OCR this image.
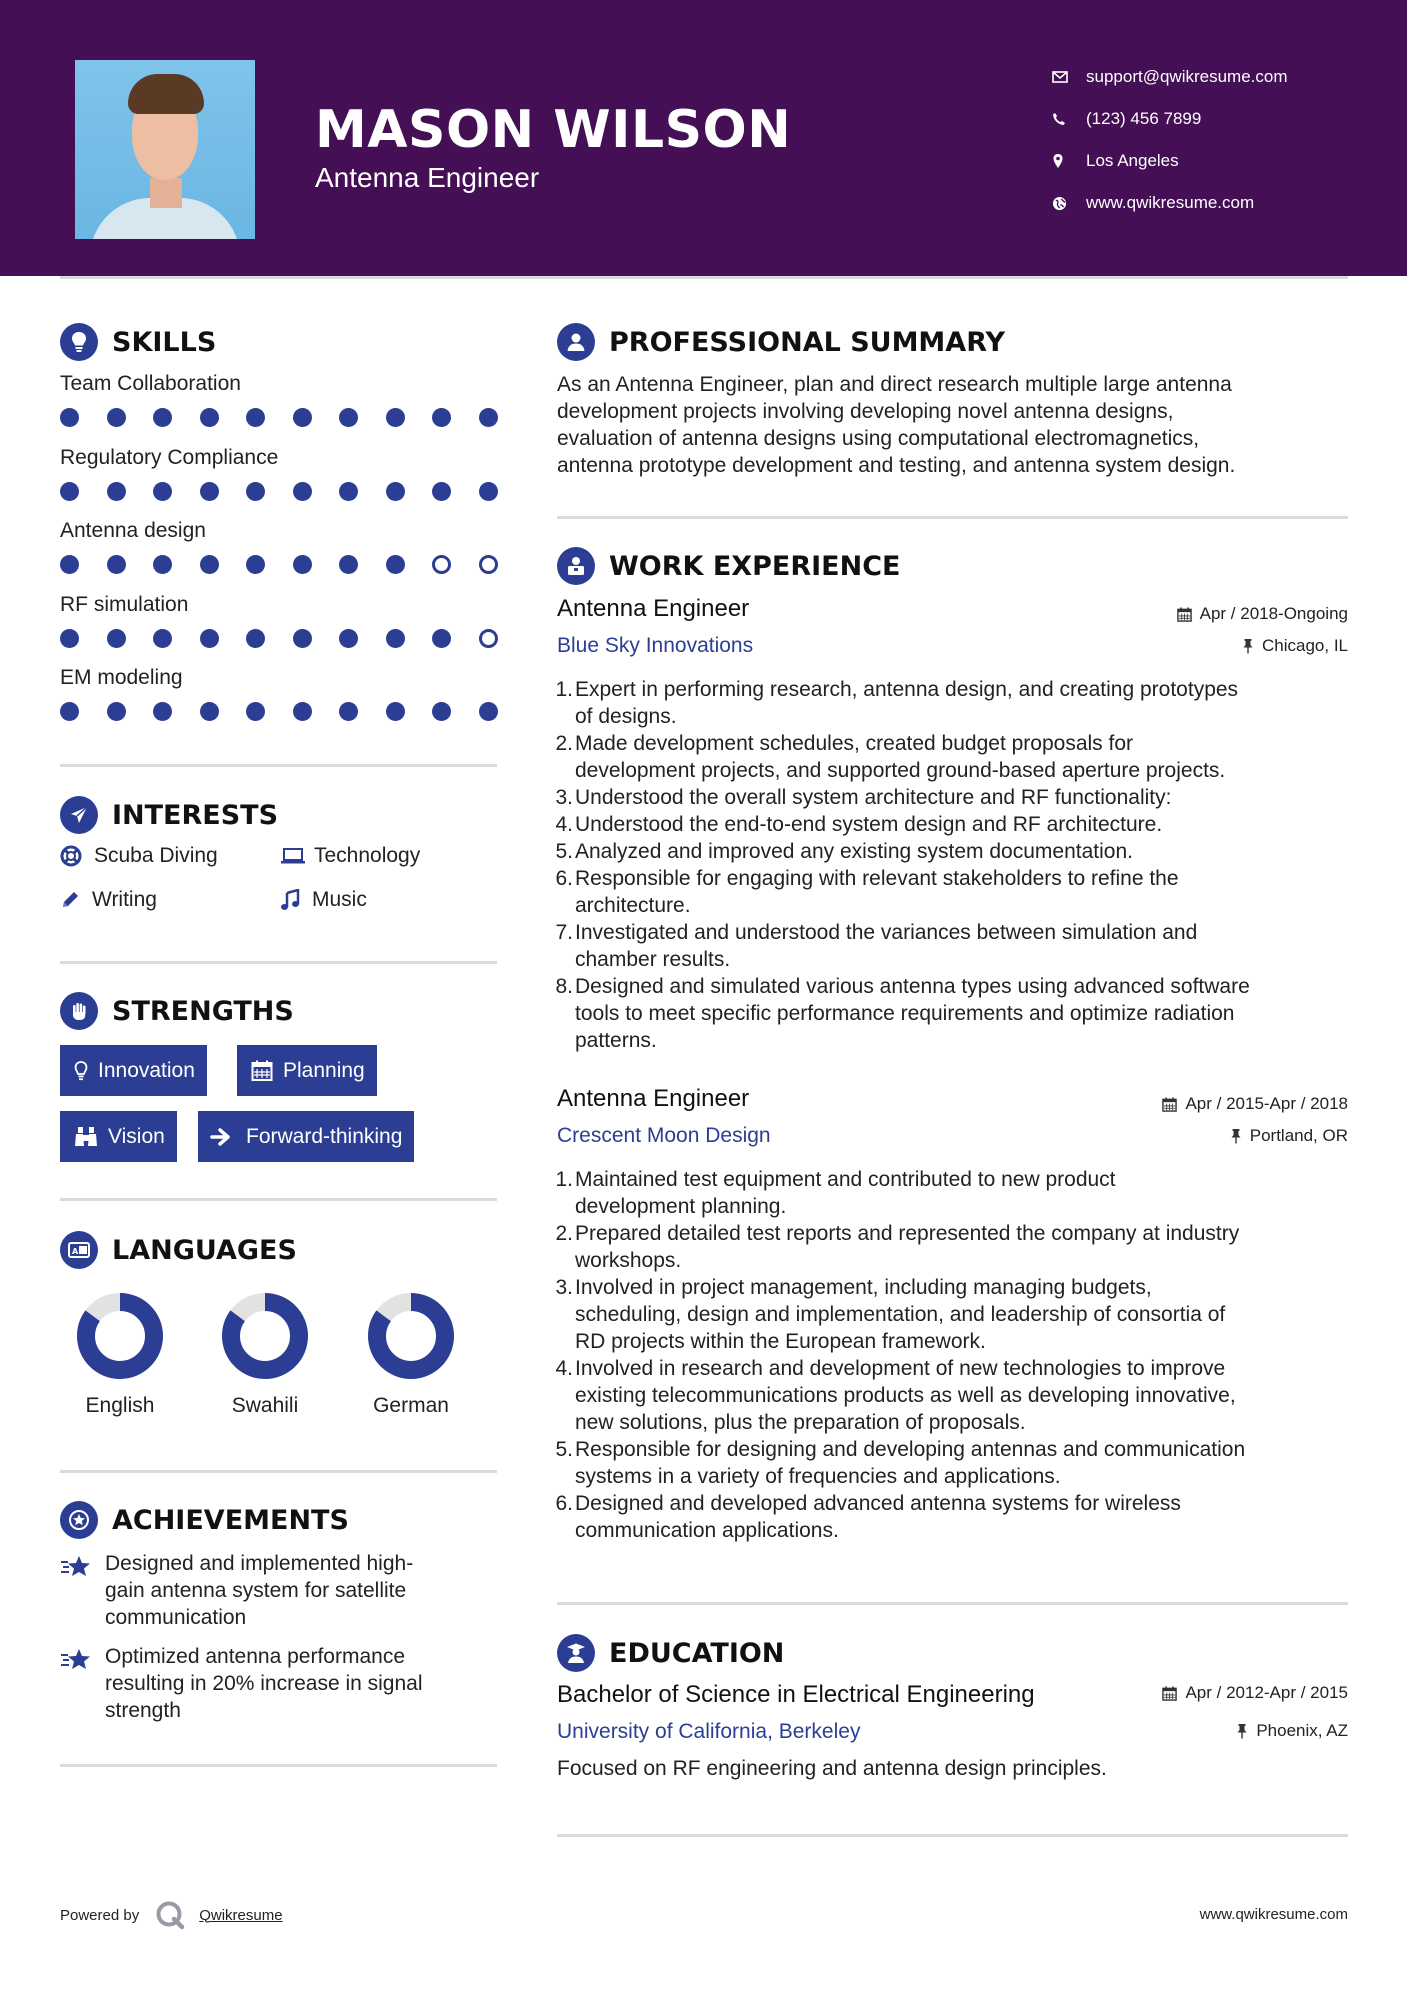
MASON WILSON
Antenna Engineer
support@qwikresume.com
(123) 456 7899
Los Angeles
www.qwikresume.com
SKILLS
Team Collaboration
Regulatory Compliance
Antenna design
RF simulation
EM modeling
INTERESTS
Scuba Diving	Technology
Writing	Music
STRENGTHS
Innovation	Planning
Vision	Forward-thinking
A LANGUAGES
English	Swahili	German
ACHIEVEMENTS
Designed and implemented high-
gain antenna system for satellite
communication
Optimized antenna performance
resulting in 20% increase in signal
strength
PROFESSIONAL SUMMARY
As an Antenna Engineer, plan and direct research multiple large antenna
development projects involving developing novel antenna designs,
evaluation of antenna designs using computational electromagnetics,
antenna prototype development and testing, and antenna system design.
WORK EXPERIENCE
Antenna Engineer
Blue Sky Innovations
Apr / 2018-Ongoing
Chicago, IL
1. Expert in performing research, antenna design, and creating prototypes
of designs.
2. Made development schedules, created budget proposals for
development projects, and supported ground-based aperture projects.
3. Understood the overall system architecture and RF functionality:
4. Understood the end-to-end system design and RF architecture.
5. Analyzed and improved any existing system documentation.
6. Responsible for engaging with relevant stakeholders to refine the
architecture.
7. Investigated and understood the variances between simulation and
chamber results.
8. Designed and simulated various antenna types using advanced software
tools to meet specific performance requirements and optimize radiation
patterns.
Antenna Engineer
Crescent Moon Design
Apr / 2015-Apr / 2018
Portland, OR
1. Maintained test equipment and contributed to new product
development planning.
2. Prepared detailed test reports and represented the company at industry
workshops.
3. Involved in project management, including managing budgets,
scheduling, design and implementation, and leadership of consortia of
RD projects within the European framework.
4. Involved in research and development of new technologies to improve
existing telecommunications products as well as developing innovative,
new solutions, plus the preparation of proposals.
5. Responsible for designing and developing antennas and communication
systems in a variety of frequencies and applications.
6. Designed and developed advanced antenna systems for wireless
communication applications.
EDUCATION
Bachelor of Science in Electrical Engineering
University of California, Berkeley
Apr / 2012-Apr / 2015
Phoenix, AZ
Focused on RF engineering and antenna design principles.
Powered by	Qwikresume	www.qwikresume.com
